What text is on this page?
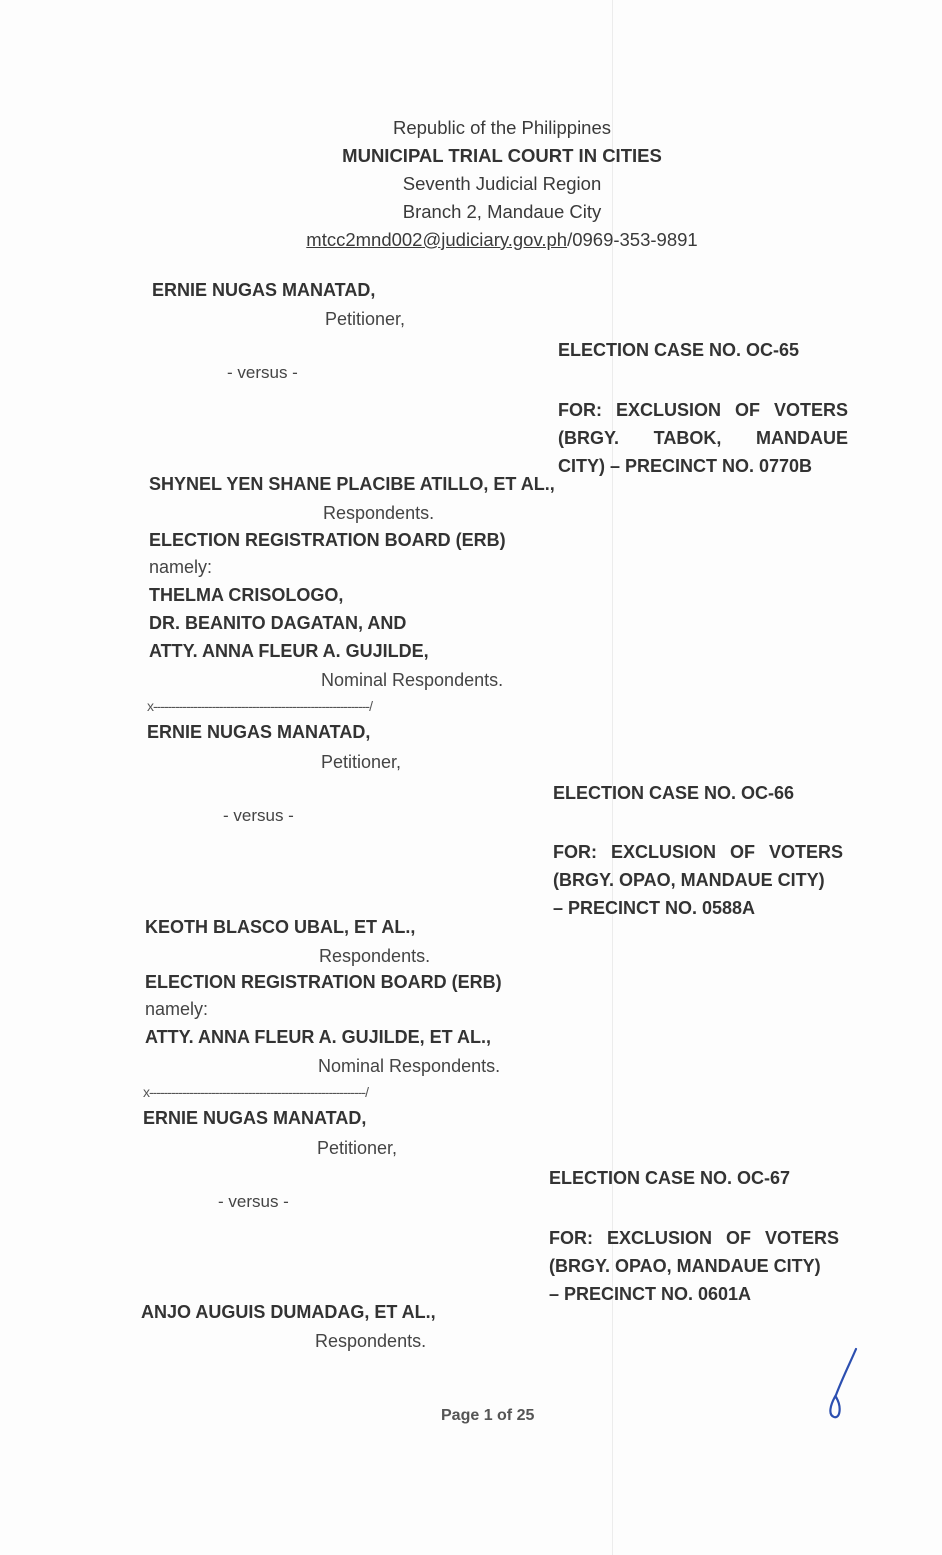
Republic of the Philippines
MUNICIPAL TRIAL COURT IN CITIES
Seventh Judicial Region
Branch 2, Mandaue City
mtcc2mnd002@judiciary.gov.ph/0969-353-9891
ERNIE NUGAS MANATAD,
Petitioner,
- versus -
ELECTION CASE NO. OC-65
FOR: EXCLUSION OF VOTERS
(BRGY. TABOK, MANDAUE
CITY) – PRECINCT NO. 0770B
SHYNEL YEN SHANE PLACIBE ATILLO, ET AL.,
Respondents.
ELECTION REGISTRATION BOARD (ERB)
namely:
THELMA CRISOLOGO,
DR. BEANITO DAGATAN, AND
ATTY. ANNA FLEUR A. GUJILDE,
Nominal Respondents.
x-----------------------------------------------------------/
ERNIE NUGAS MANATAD,
Petitioner,
- versus -
ELECTION CASE NO. OC-66
FOR: EXCLUSION OF VOTERS
(BRGY. OPAO, MANDAUE CITY)
– PRECINCT NO. 0588A
KEOTH BLASCO UBAL, ET AL.,
Respondents.
ELECTION REGISTRATION BOARD (ERB)
namely:
ATTY. ANNA FLEUR A. GUJILDE, ET AL.,
Nominal Respondents.
x-----------------------------------------------------------/
ERNIE NUGAS MANATAD,
Petitioner,
- versus -
ELECTION CASE NO. OC-67
FOR: EXCLUSION OF VOTERS
(BRGY. OPAO, MANDAUE CITY)
– PRECINCT NO. 0601A
ANJO AUGUIS DUMADAG, ET AL.,
Respondents.
Page 1 of 25
